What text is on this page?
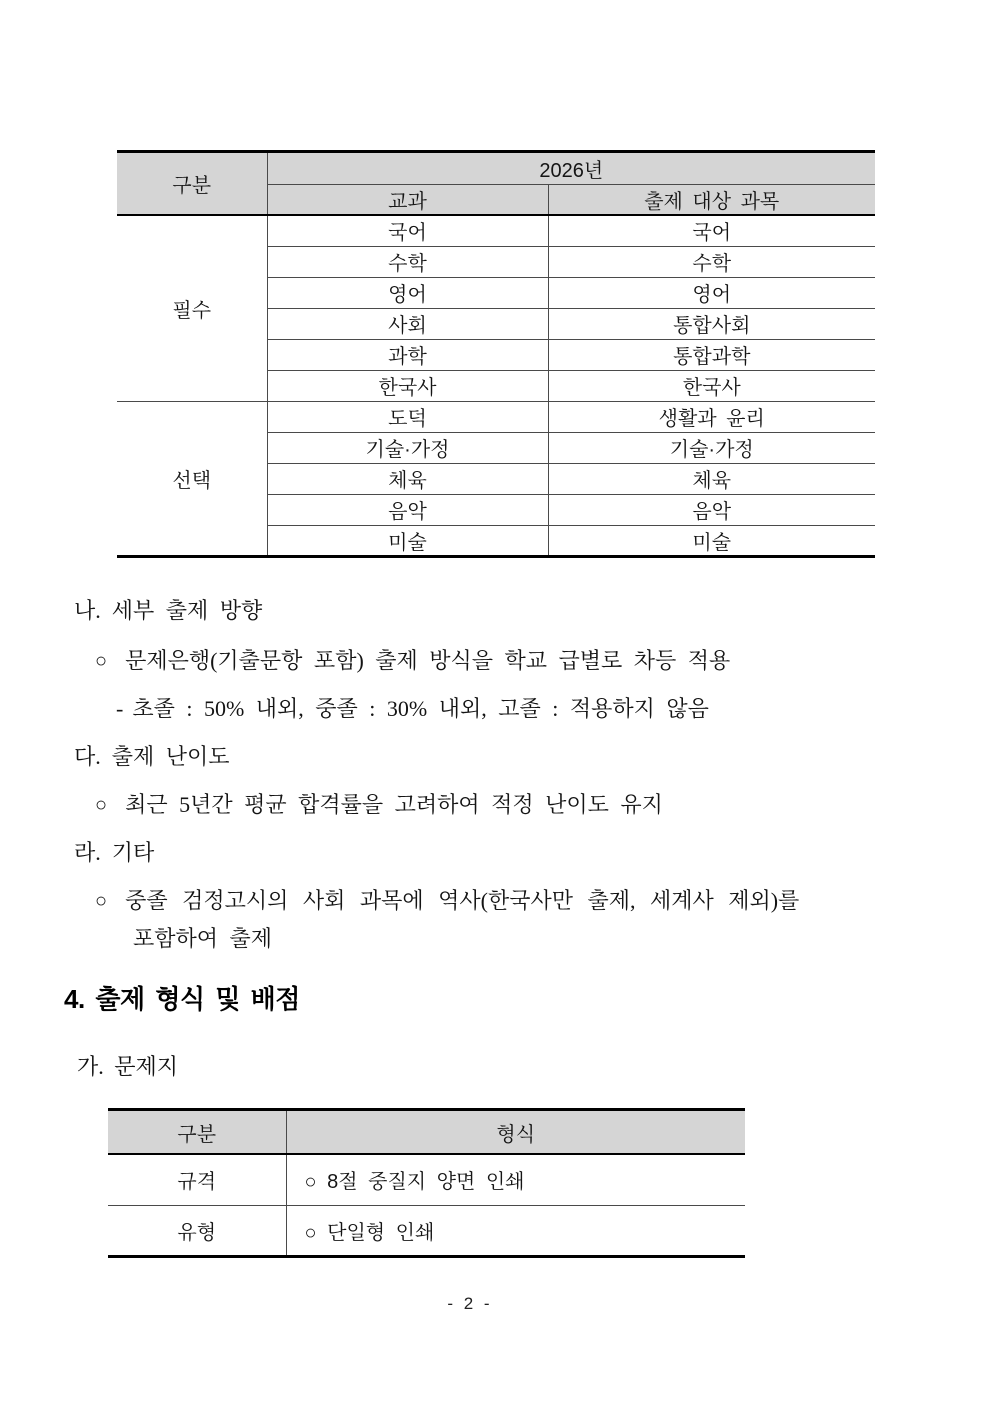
구분	2026년	
	교과	출제 대상 과목
필수	국어	국어
	수학	수학
	영어	영어
	사회	통합사회
	과학	통합과학
	한국사	한국사
선택	도덕	생활과 윤리
	기술·가정	기술·가정
	체육	체육
	음악	음악
	미술	미술
나. 세부 출제 방향
○ 문제은행(기출문항 포함) 출제 방식을 학교 급별로 차등 적용
- 초졸 : 50% 내외, 중졸 : 30% 내외, 고졸 : 적용하지 않음
다. 출제 난이도
○ 최근 5년간 평균 합격률을 고려하여 적정 난이도 유지
라. 기타
○ 중졸 검정고시의 사회 과목에 역사(한국사만 출제, 세계사 제외)를
포함하여 출제
4. 출제 형식 및 배점
가. 문제지
구분	형식
규격	○ 8절 중질지 양면 인쇄
유형	○ 단일형 인쇄
- 2 -
